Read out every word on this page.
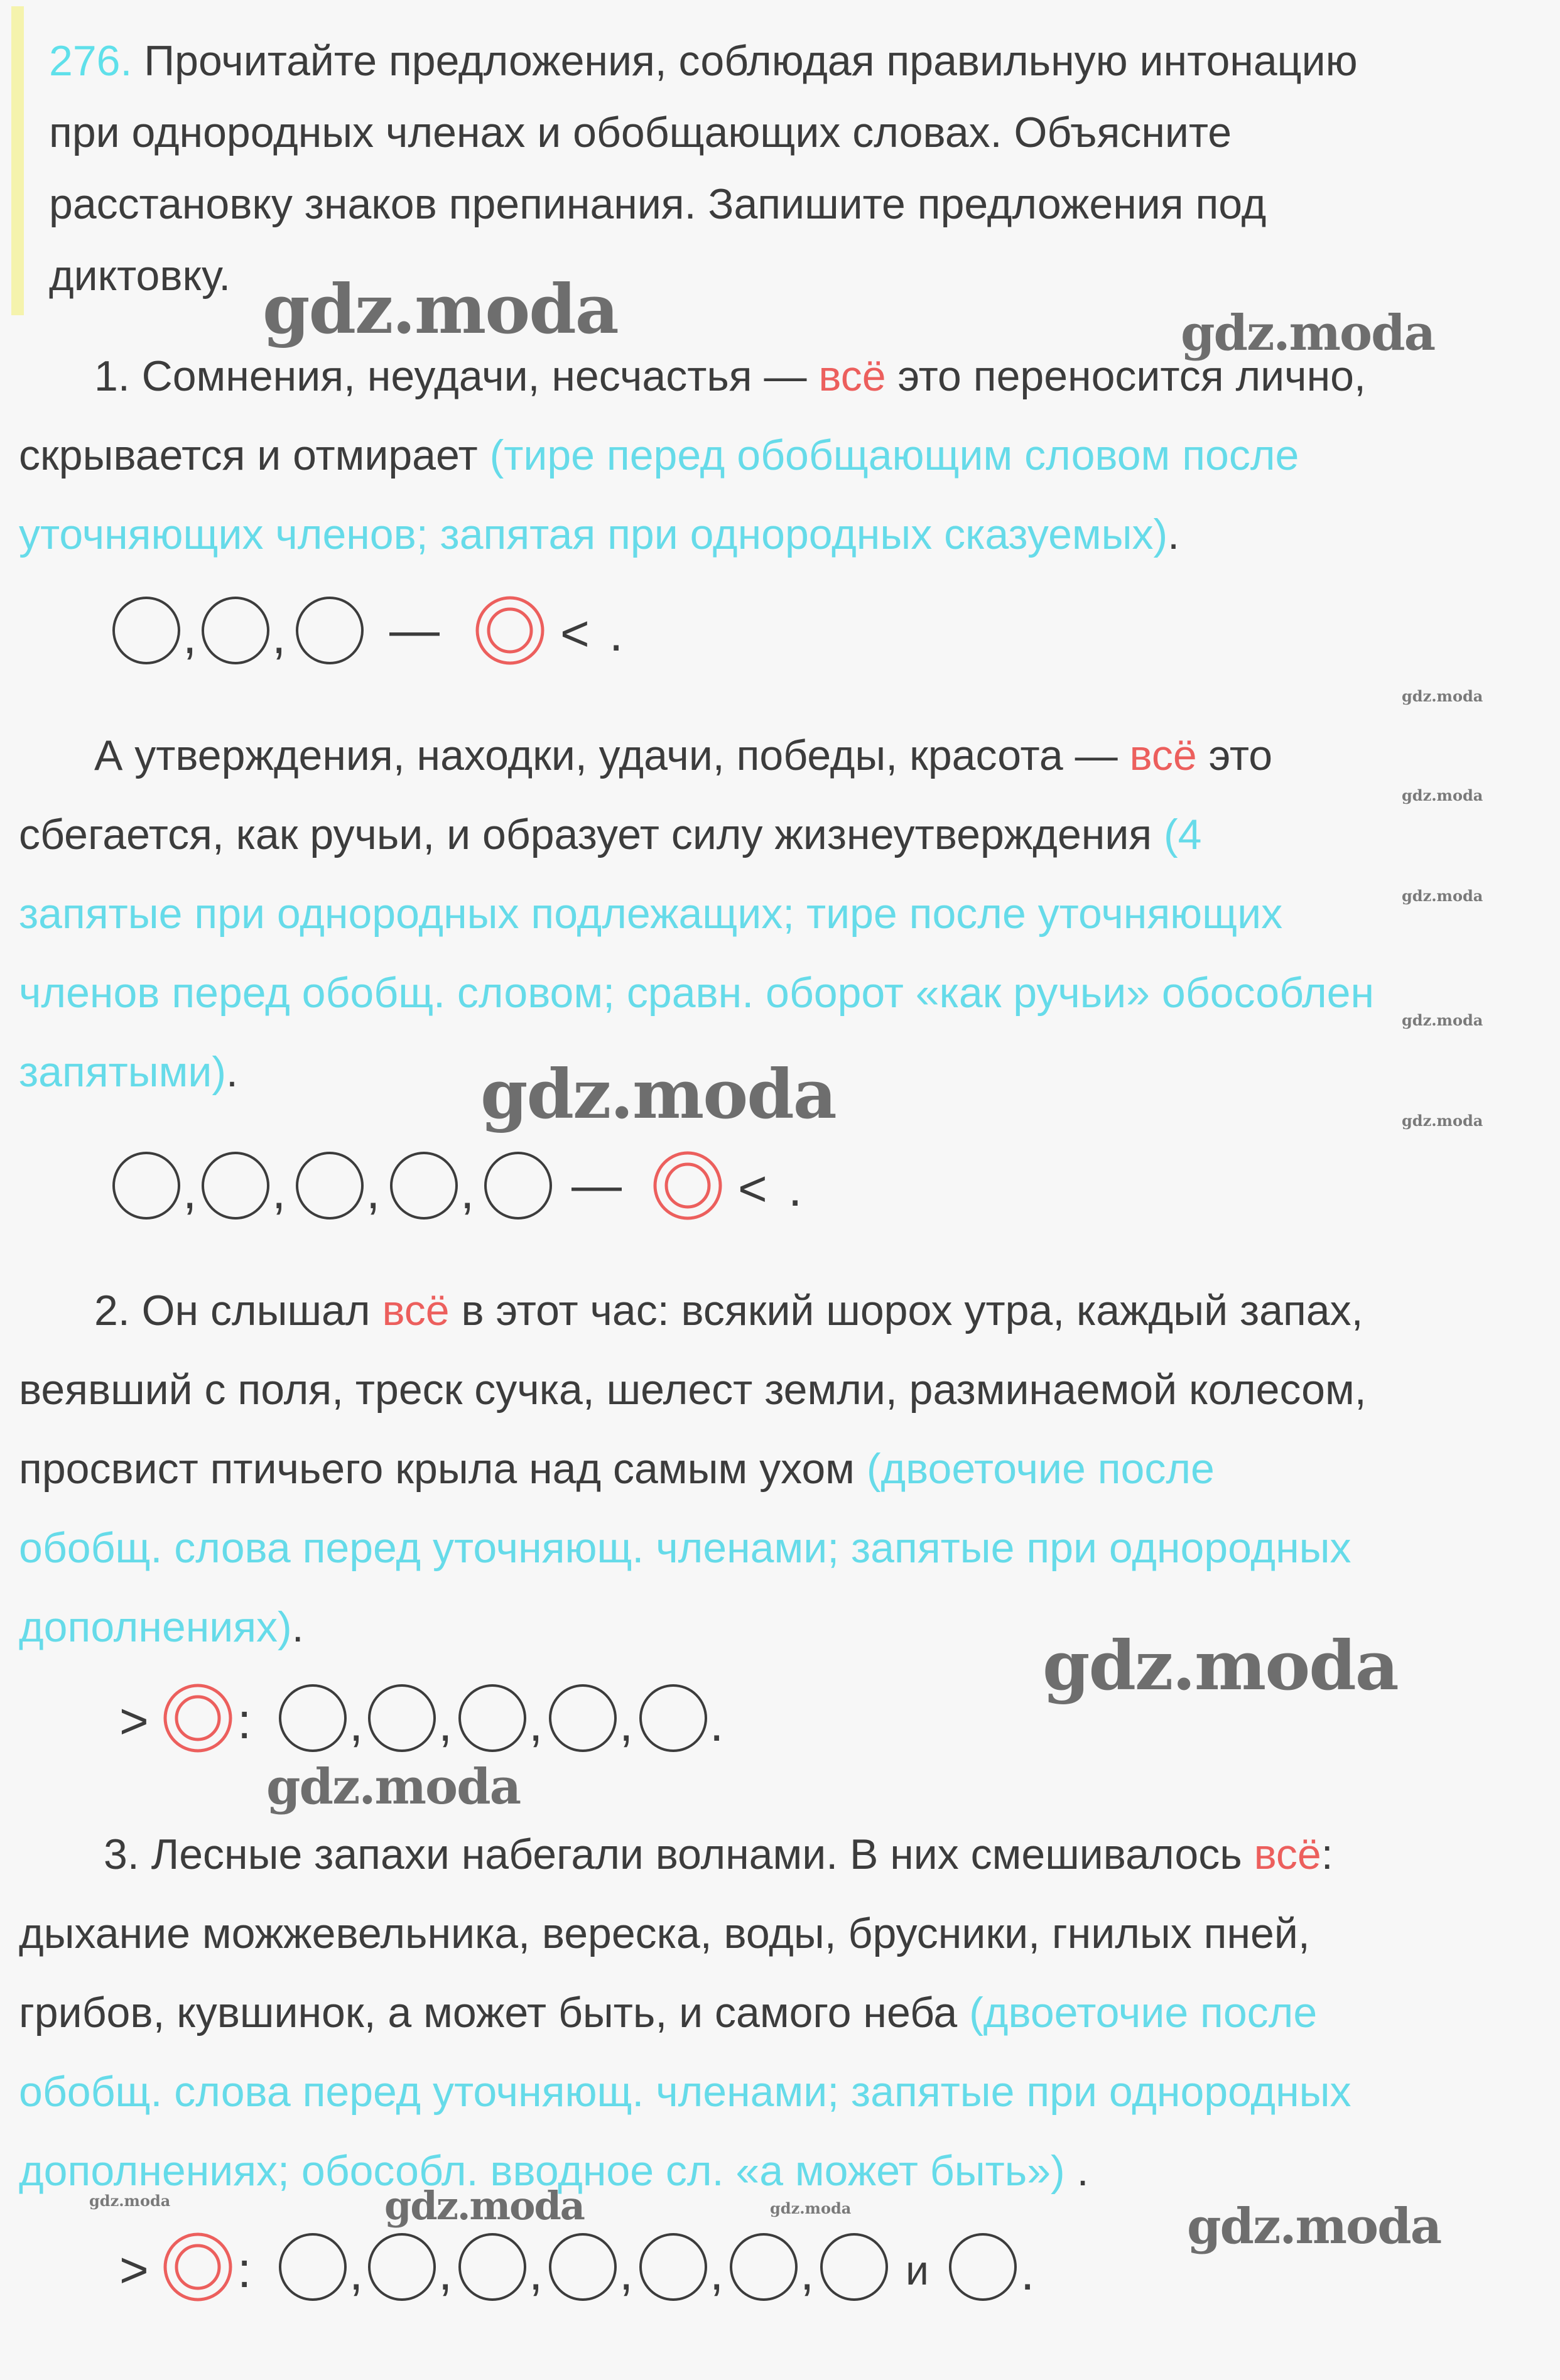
276. Прочитайте предложения, соблюдая правильную интонацию
при однородных членах и обобщающих словах. Объясните
расстановку знаков препинания. Запишите предложения под
диктовку.
1. Сомнения, неудачи, несчастья — всё это переносится лично,
скрывается и отмирает (тире перед обобщающим словом после
уточняющих членов; запятая при однородных сказуемых).
, , — < .
А утверждения, находки, удачи, победы, красота — всё это
сбегается, как ручьи, и образует силу жизнеутверждения (4
запятые при однородных подлежащих; тире после уточняющих
членов перед обобщ. словом; сравн. оборот «как ручьи» обособлен
запятыми).
, , , , — < .
2. Он слышал всё в этот час: всякий шорох утра, каждый запах,
веявший с поля, треск сучка, шелест земли, разминаемой колесом,
просвист птичьего крыла над самым ухом (двоеточие после
обобщ. слова перед уточняющ. членами; запятые при однородных
дополнениях).
> : , , , , .
3. Лесные запахи набегали волнами. В них смешивалось всё:
дыхание можжевельника, вереска, воды, брусники, гнилых пней,
грибов, кувшинок, а может быть, и самого неба (двоеточие после
обобщ. слова перед уточняющ. членами; запятые при однородных
дополнениях; обособл. вводное сл. «а может быть») .
> : , , , , , , и .
gdz.moda	gdz.moda
gdz.moda
gdz.moda
gdz.moda
gdz.moda
gdz.moda
gdz.moda
gdz.moda
gdz.moda
gdz.moda	gdz.moda	gdz.moda	gdz.moda
